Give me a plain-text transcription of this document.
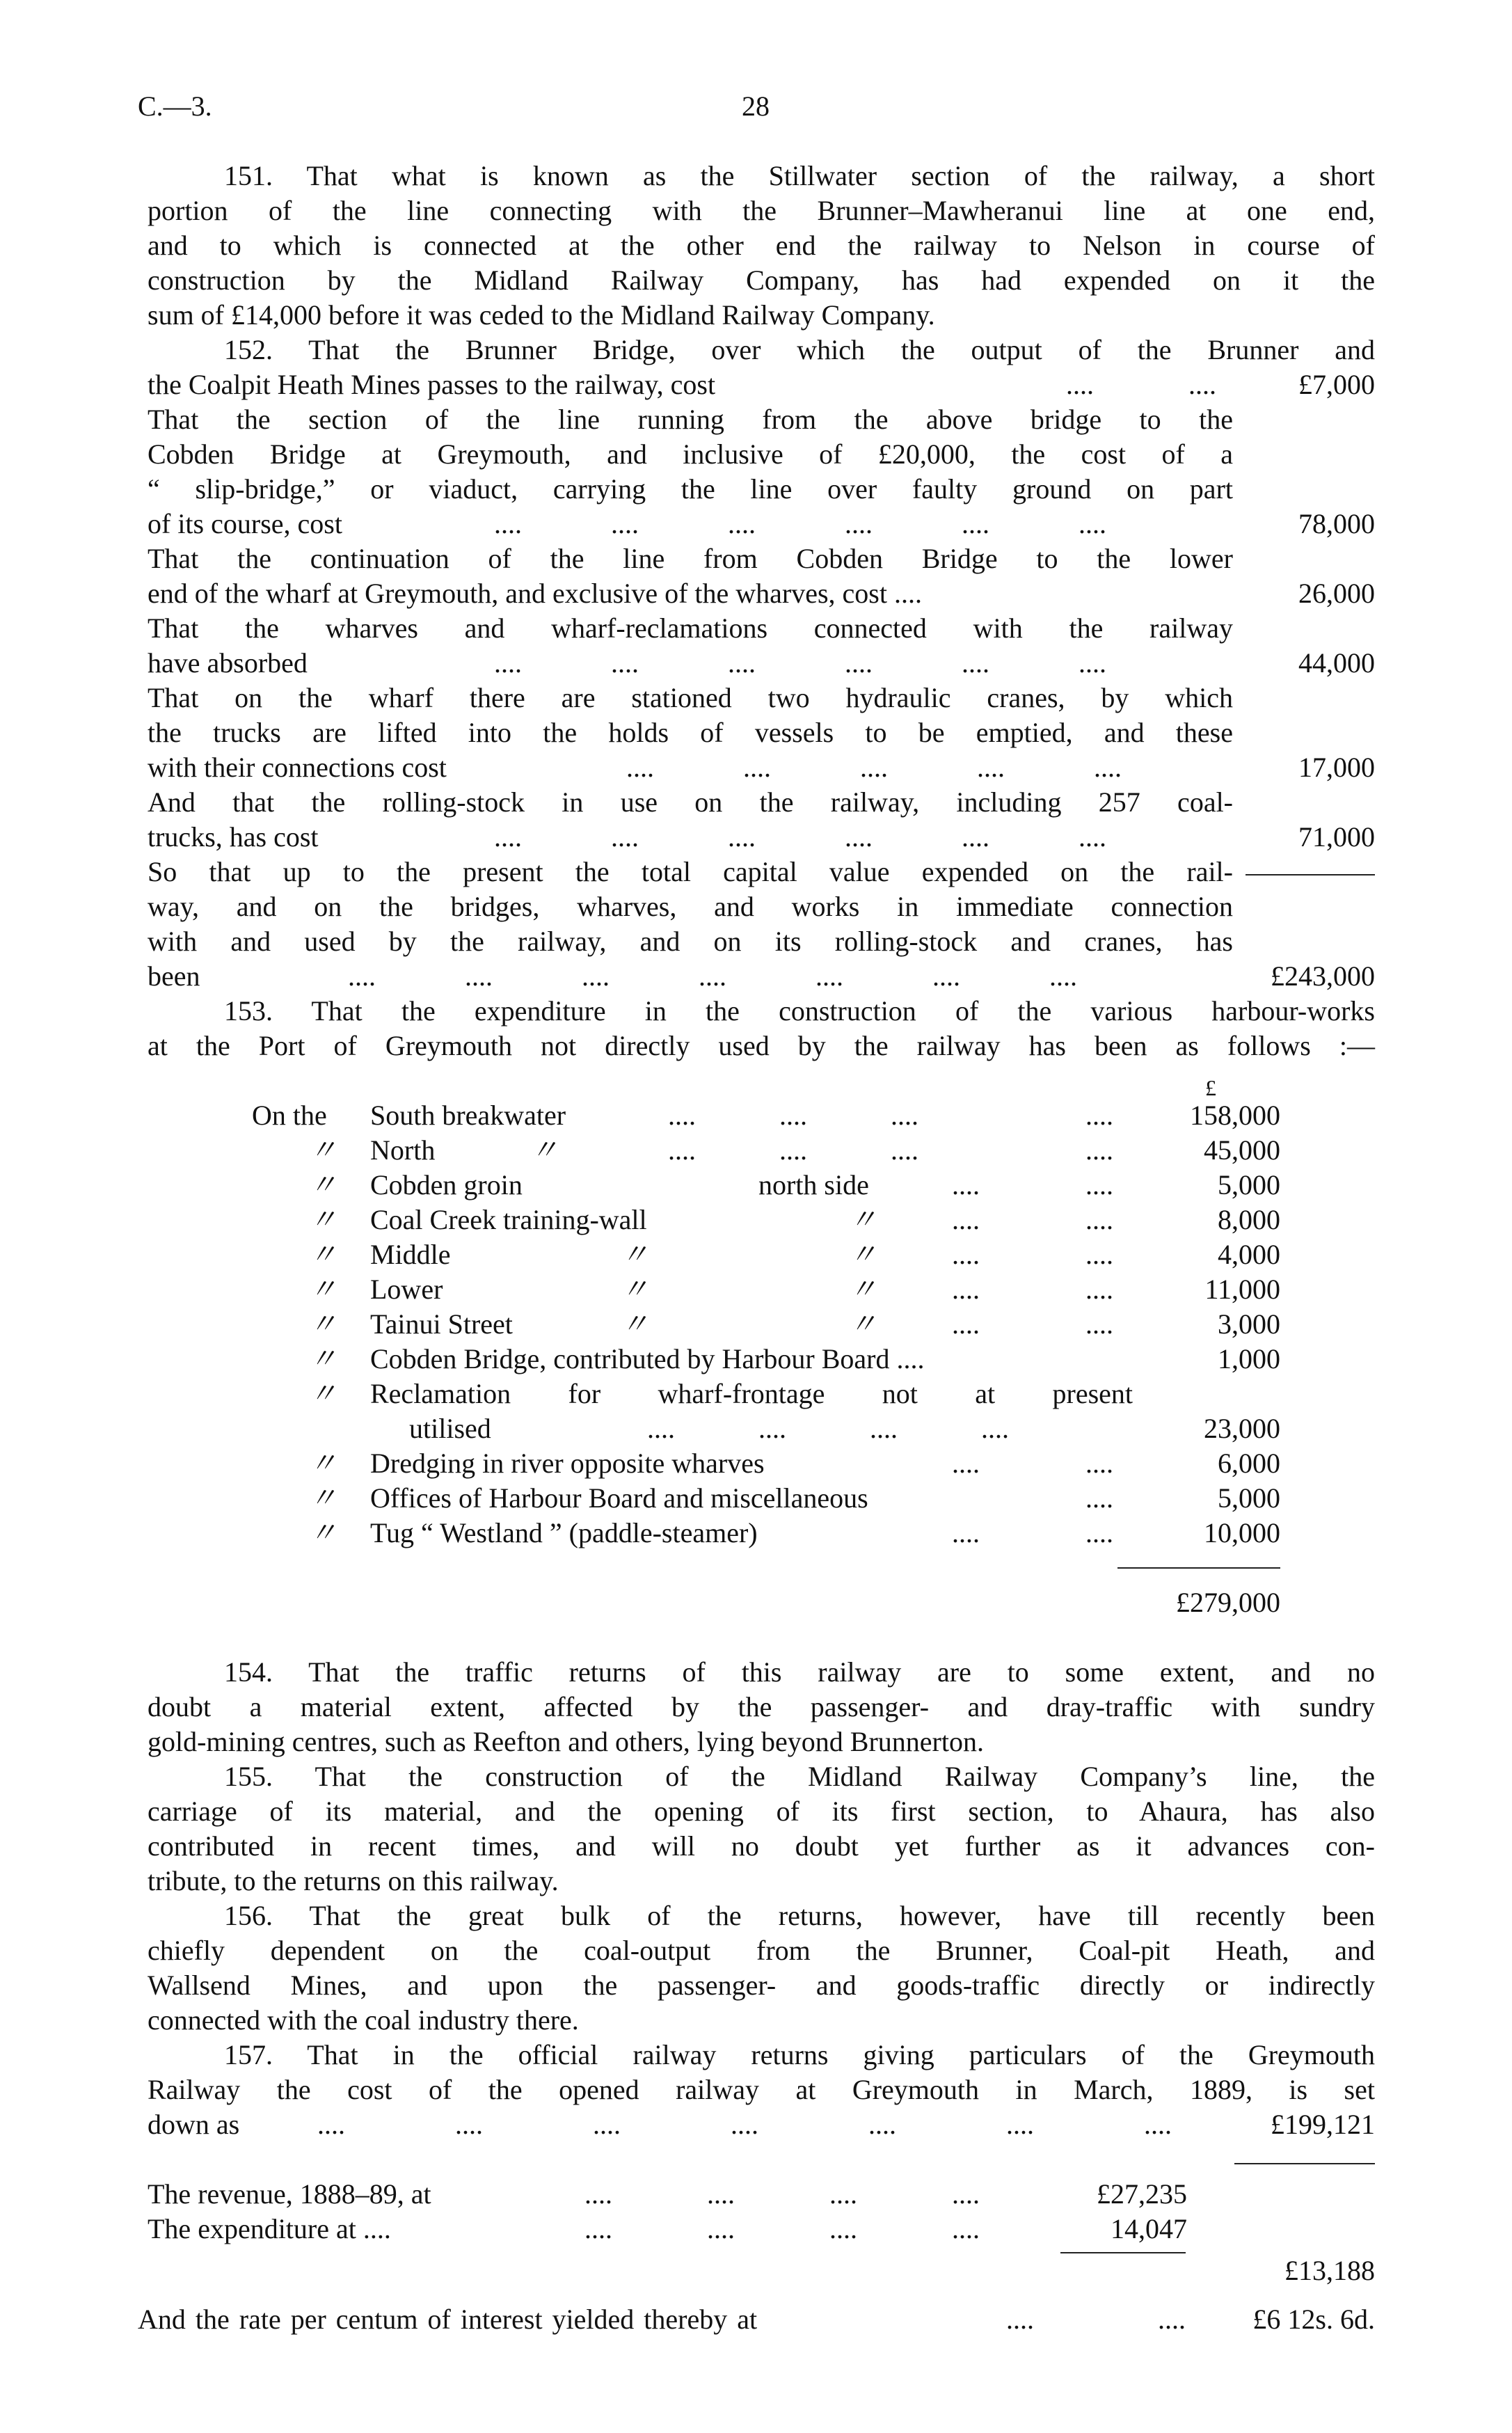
C.—3.	28
151. That what is known as the Stillwater section of the railway, a short
portion of the line connecting with the Brunner–Mawheranui line at one end,
and to which is connected at the other end the railway to Nelson in course of
construction by the Midland Railway Company, has had expended on it the
sum of £14,000 before it was ceded to the Midland Railway Company.
152. That the Brunner Bridge, over which the output of the Brunner and
the Coalpit Heath Mines passes to the railway, cost	....	....	£7,000
That the section of the line running from the above bridge to the
Cobden Bridge at Greymouth, and inclusive of £20,000, the cost of a
“ slip-bridge,” or viaduct, carrying the line over faulty ground on part
of its course, cost	.... .... .... .... .... ....	78,000
That the continuation of the line from Cobden Bridge to the lower
end of the wharf at Greymouth, and exclusive of the wharves, cost ....	26,000
That the wharves and wharf-reclamations connected with the railway
have absorbed	.... .... .... .... .... ....	44,000
That on the wharf there are stationed two hydraulic cranes, by which
the trucks are lifted into the holds of vessels to be emptied, and these
with their connections cost	.... .... .... .... ....	17,000
And that the rolling-stock in use on the railway, including 257 coal-
trucks, has cost	.... .... .... .... .... ....	71,000
So that up to the present the total capital value expended on the rail-
way, and on the bridges, wharves, and works in immediate connection
with and used by the railway, and on its rolling-stock and cranes, has
been	.... .... .... .... .... .... ....	£243,000
153. That the expenditure in the construction of the various harbour-works
at the Port of Greymouth not directly used by the railway has been as follows :—
£
On the South breakwater	.... .... ....	....	158,000
〃 North	〃	.... .... ....	....	45,000
〃 Cobden groin	north side	....	....	5,000
〃 Coal Creek training-wall	〃	....	....	8,000
〃 Middle	〃	〃	....	....	4,000
〃 Lower	〃	〃	....	....	11,000
〃 Tainui Street	〃	〃	....	....	3,000
〃 Cobden Bridge, contributed by Harbour Board ....	1,000
〃 Reclamation for wharf-frontage not at present
utilised	.... .... .... ....	23,000
〃 Dredging in river opposite wharves	....	....	6,000
〃 Offices of Harbour Board and miscellaneous	....	5,000
〃 Tug “ Westland ” (paddle-steamer)	....	....	10,000
£279,000
154. That the traffic returns of this railway are to some extent, and no
doubt a material extent, affected by the passenger- and dray-traffic with sundry
gold-mining centres, such as Reefton and others, lying beyond Brunnerton.
155. That the construction of the Midland Railway Company’s line, the
carriage of its material, and the opening of its first section, to Ahaura, has also
contributed in recent times, and will no doubt yet further as it advances con-
tribute, to the returns on this railway.
156. That the great bulk of the returns, however, have till recently been
chiefly dependent on the coal-output from the Brunner, Coal-pit Heath, and
Wallsend Mines, and upon the passenger- and goods-traffic directly or indirectly
connected with the coal industry there.
157. That in the official railway returns giving particulars of the Greymouth
Railway the cost of the opened railway at Greymouth in March, 1889, is set
down as	.... .... .... .... .... .... ....	£199,121
The revenue, 1888–89, at	.... .... .... ....	£27,235
The expenditure at ....	.... .... .... ....	14,047
£13,188
And the rate per centum of interest yielded thereby at	....	....	£6 12s. 6d.
